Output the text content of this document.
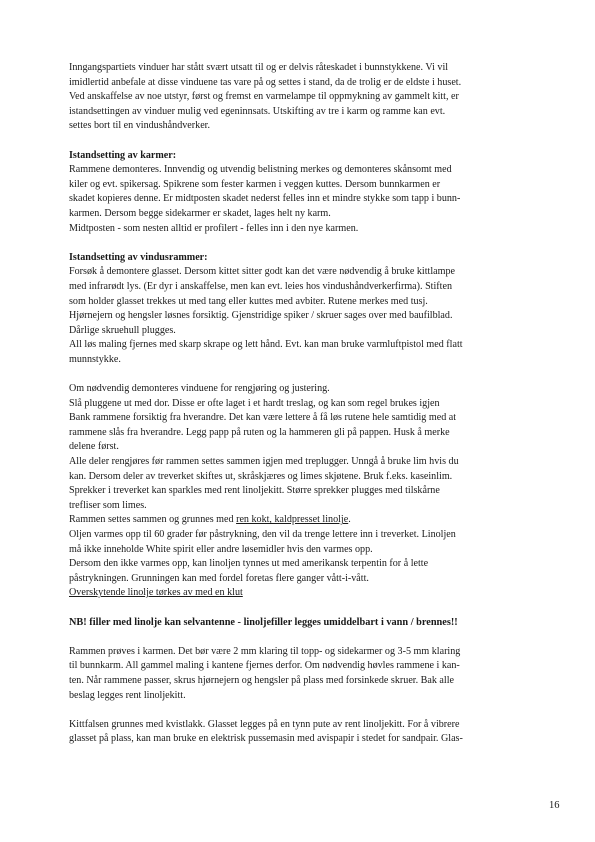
Inngangspartiets vinduer har stått svært utsatt til og er delvis råteskadet i bunnstykkene. Vi vil
imidlertid anbefale at disse vinduene tas vare på og settes i stand, da de trolig er de eldste i huset.
Ved anskaffelse av noe utstyr, først og fremst en varmelampe til oppmykning av gammelt kitt, er
istandsettingen av vinduer mulig ved egeninnsats. Utskifting av tre i karm og ramme kan evt.
settes bort til en vindushåndverker.
Istandsetting av karmer:
Rammene demonteres. Innvendig og utvendig belistning merkes og demonteres skånsomt med
kiler og evt. spikersag. Spikrene som fester karmen i veggen kuttes. Dersom bunnkarmen er
skadet kopieres denne. Er midtposten skadet nederst felles inn et mindre stykke som tapp i bunn-
karmen. Dersom begge sidekarmer er skadet, lages helt ny karm.
Midtposten - som nesten alltid er profilert - felles inn i den nye karmen.
Istandsetting av vindusrammer:
Forsøk å demontere glasset. Dersom kittet sitter godt kan det være nødvendig å bruke kittlampe
med infrarødt lys. (Er dyr i anskaffelse, men kan evt. leies hos vindushåndverkerfirma). Stiften
som holder glasset trekkes ut med tang eller kuttes med avbiter. Rutene merkes med tusj.
Hjørnejern og hengsler løsnes forsiktig. Gjenstridige spiker / skruer sages over med baufilblad.
Dårlige skruehull plugges.
All løs maling fjernes med skarp skrape og lett hånd. Evt. kan man bruke varmluftpistol med flatt
munnstykke.
Om nødvendig demonteres vinduene for rengjøring og justering.
Slå pluggene ut med dor. Disse er ofte laget i et hardt treslag, og kan som regel brukes igjen
Bank rammene forsiktig fra hverandre. Det kan være lettere å få løs rutene hele samtidig med at
rammene slås fra hverandre. Legg papp på ruten og la hammeren gli på pappen. Husk å merke
delene først.
Alle deler rengjøres før rammen settes sammen igjen med treplugger. Unngå å bruke lim hvis du
kan. Dersom deler av treverket skiftes ut, skråskjæres og limes skjøtene. Bruk f.eks. kaseinlim.
Sprekker i treverket kan sparkles med rent linoljekitt. Større sprekker plugges med tilskårne
trefliser som limes.
Rammen settes sammen og grunnes med ren kokt, kaldpresset linolje.
Oljen varmes opp til 60 grader før påstrykning, den vil da trenge lettere inn i treverket. Linoljen
må ikke inneholde White spirit eller andre løsemidler hvis den varmes opp.
Dersom den ikke varmes opp, kan linoljen tynnes ut med amerikansk terpentin for å lette
påstrykningen. Grunningen kan med fordel foretas flere ganger vått-i-vått.
Overskytende linolje tørkes av med en klut
NB! filler med linolje kan selvantenne - linoljefiller legges umiddelbart i vann / brennes!!
Rammen prøves i karmen. Det bør være 2 mm klaring til topp- og sidekarmer og 3-5 mm klaring
til bunnkarm. All gammel maling i kantene fjernes derfor. Om nødvendig høvles rammene i kan-
ten. Når rammene passer, skrus hjørnejern og hengsler på plass med forsinkede skruer. Bak alle
beslag legges rent linoljekitt.
Kittfalsen grunnes med kvistlakk. Glasset legges på en tynn pute av rent linoljekitt. For å vibrere
glasset på plass, kan man bruke en elektrisk pussemasin med avispapir i stedet for sandpair. Glas-
16
